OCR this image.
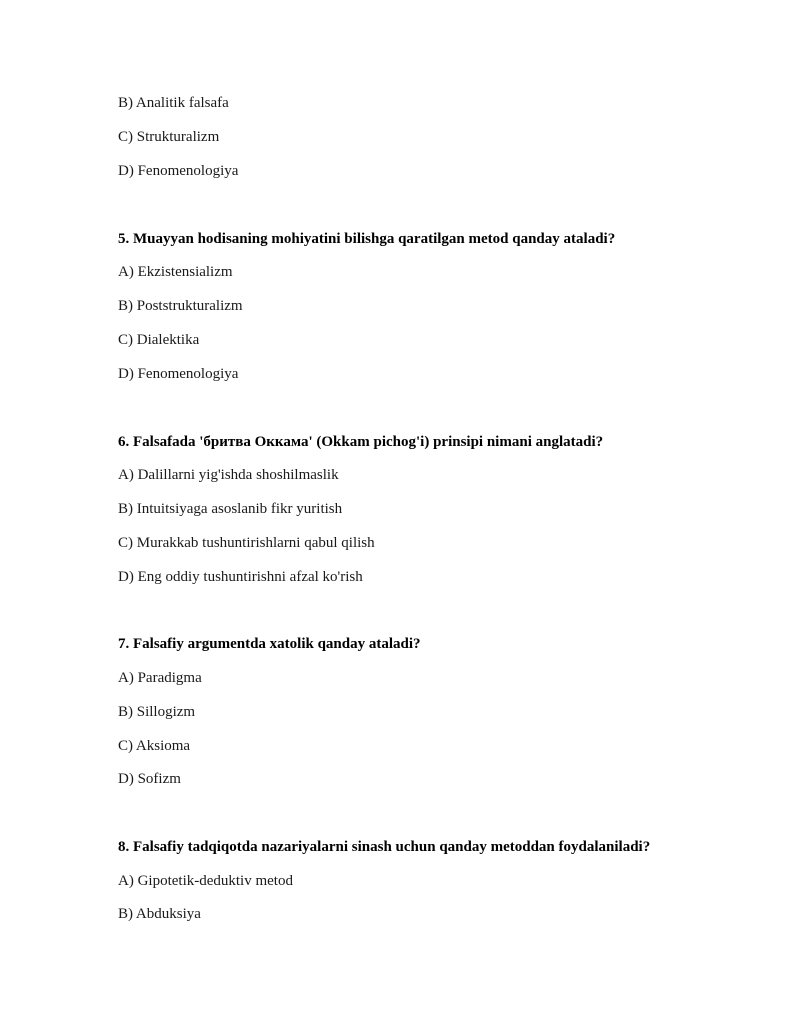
B) Analitik falsafa
C) Strukturalizm
D) Fenomenologiya
5. Muayyan hodisaning mohiyatini bilishga qaratilgan metod qanday ataladi?
A) Ekzistensializm
B) Poststrukturalizm
C) Dialektika
D) Fenomenologiya
6. Falsafada 'бритва Оккама' (Okkam pichog'i) prinsipi nimani anglatadi?
A) Dalillarni yig'ishda shoshilmaslik
B) Intuitsiyaga asoslanib fikr yuritish
C) Murakkab tushuntirishlarni qabul qilish
D) Eng oddiy tushuntirishni afzal ko'rish
7. Falsafiy argumentda xatolik qanday ataladi?
A) Paradigma
B) Sillogizm
C) Aksioma
D) Sofizm
8. Falsafiy tadqiqotda nazariyalarni sinash uchun qanday metoddan foydalaniladi?
A) Gipotetik-deduktiv metod
B) Abduksiya
